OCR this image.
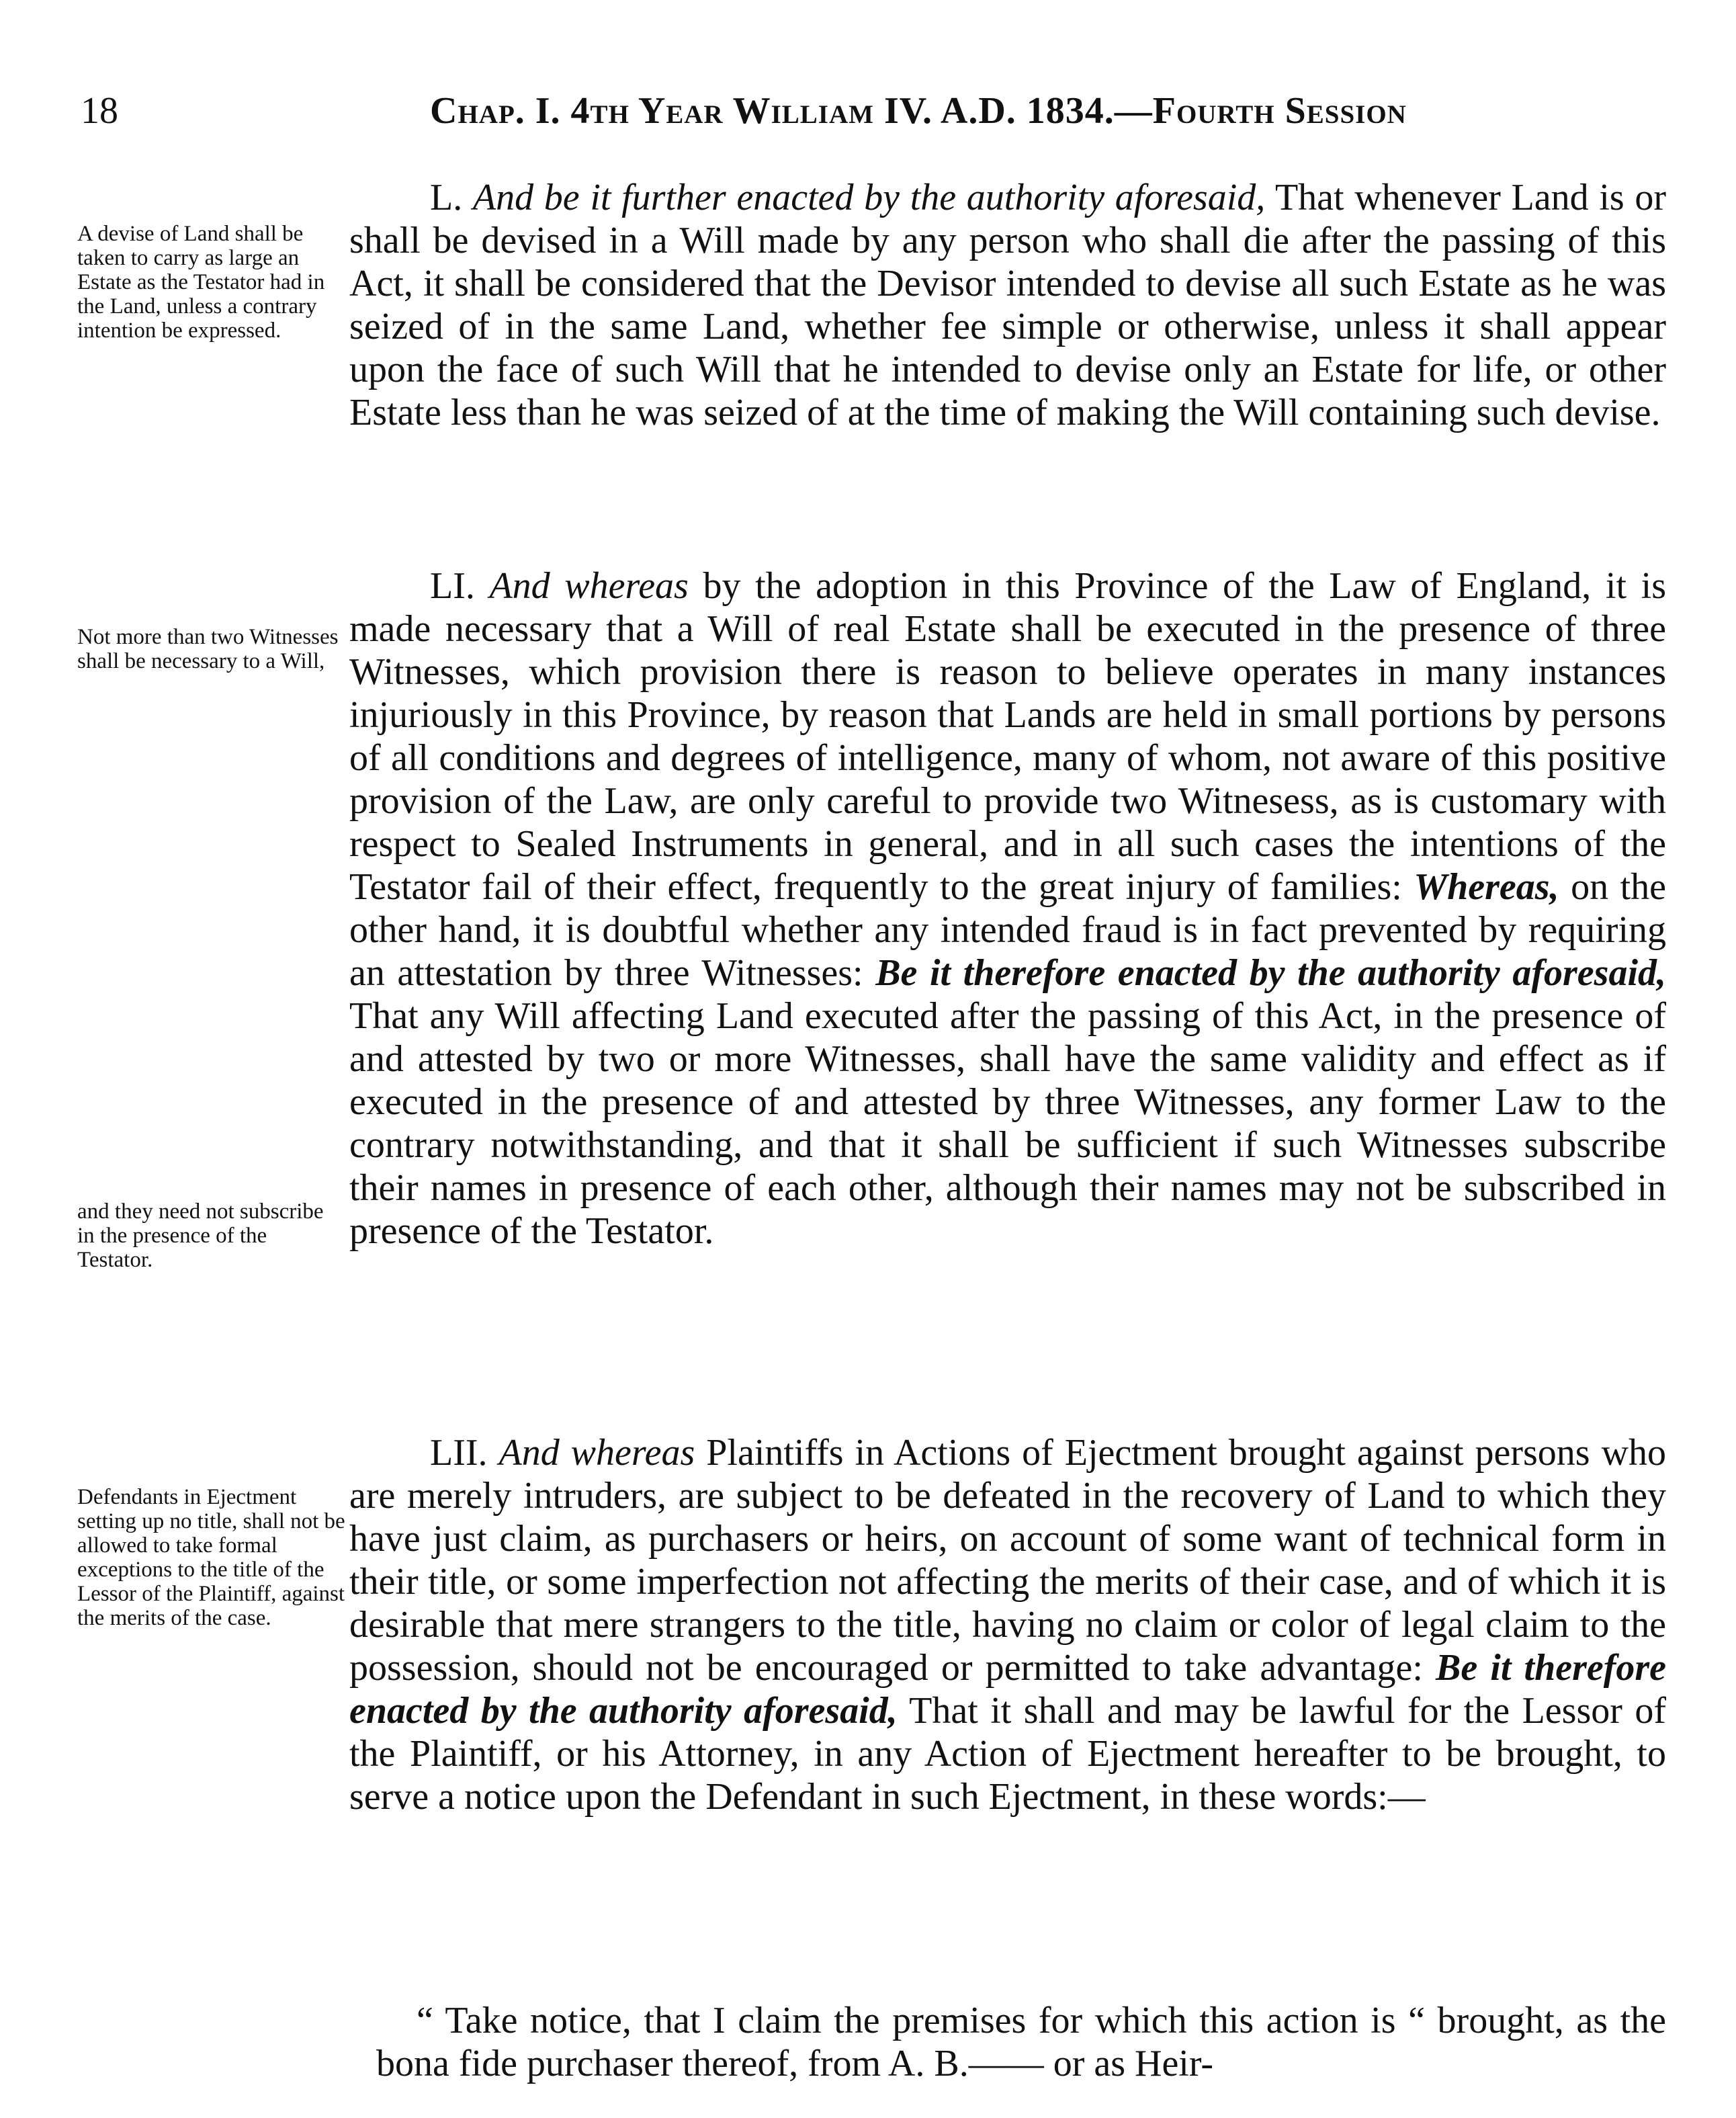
18	Chap. I. 4th Year William IV. A.D. 1834.—Fourth Session
L. And be it further enacted by the authority aforesaid, That whenever Land is or shall be devised in a Will made by any person who shall die after the passing of this Act, it shall be considered that the Devisor intended to devise all such Estate as he was seized of in the same Land, whether fee simple or otherwise, unless it shall appear upon the face of such Will that he intended to devise only an Estate for life, or other Estate less than he was seized of at the time of making the Will containing such devise.
A devise of Land shall be taken to carry as large an Estate as the Testator had in the Land, unless a contrary intention be expressed.
LI. And whereas by the adoption in this Province of the Law of England, it is made necessary that a Will of real Estate shall be executed in the presence of three Witnesses, which provision there is reason to believe operates in many instances injuriously in this Province, by reason that Lands are held in small portions by persons of all conditions and degrees of intelligence, many of whom, not aware of this positive provision of the Law, are only careful to provide two Witnesess, as is customary with respect to Sealed Instruments in general, and in all such cases the intentions of the Testator fail of their effect, frequently to the great injury of families: Whereas, on the other hand, it is doubtful whether any intended fraud is in fact prevented by requiring an attestation by three Witnesses: Be it therefore enacted by the authority aforesaid, That any Will affecting Land executed after the passing of this Act, in the presence of and attested by two or more Witnesses, shall have the same validity and effect as if executed in the presence of and attested by three Witnesses, any former Law to the contrary notwithstanding, and that it shall be sufficient if such Witnesses subscribe their names in presence of each other, although their names may not be subscribed in presence of the Testator.
Not more than two Witnesses shall be necessary to a Will,
and they need not subscribe in the presence of the Testator.
LII. And whereas Plaintiffs in Actions of Ejectment brought against persons who are merely intruders, are subject to be defeated in the recovery of Land to which they have just claim, as purchasers or heirs, on account of some want of technical form in their title, or some imperfection not affecting the merits of their case, and of which it is desirable that mere strangers to the title, having no claim or color of legal claim to the possession, should not be encouraged or permitted to take advantage: Be it therefore enacted by the authority aforesaid, That it shall and may be lawful for the Lessor of the Plaintiff, or his Attorney, in any Action of Ejectment hereafter to be brought, to serve a notice upon the Defendant in such Ejectment, in these words:—
Defendants in Ejectment setting up no title, shall not be allowed to take formal exceptions to the title of the Lessor of the Plaintiff, against the merits of the case.
“ Take notice, that I claim the premises for which this action is “ brought, as the bona fide purchaser thereof, from A. B.—— or as Heir-
